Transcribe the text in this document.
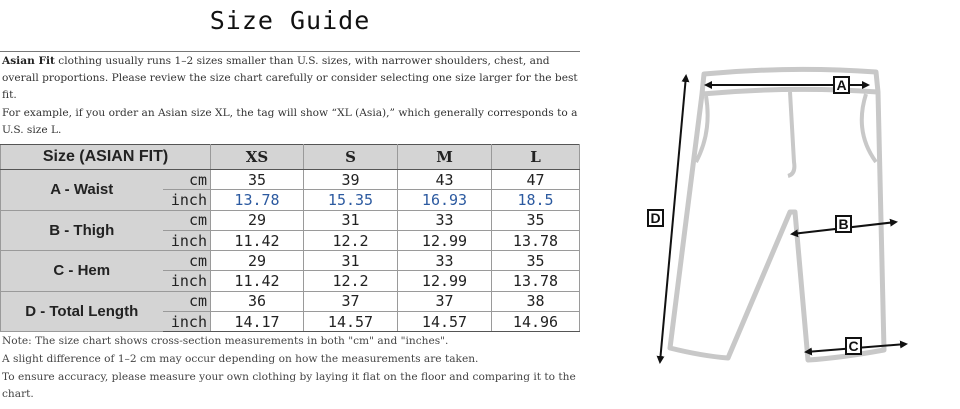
Size Guide

Asian Fit clothing usually runs 1–2 sizes smaller than U.S. sizes, with narrower shoulders, chest, and overall proportions. Please review the size chart carefully or consider selecting one size larger for the best fit.

For example, if you order an Asian size XL, the tag will show “XL (Asia),” which generally corresponds to a U.S. size L.

Size (ASIAN FIT)		XS	S	M	L
A - Waist	cm	35	39	43	47
	inch	13.78	15.35	16.93	18.5
B - Thigh	cm	29	31	33	35
	inch	11.42	12.2	12.99	13.78
C - Hem	cm	29	31	33	35
	inch	11.42	12.2	12.99	13.78
D - Total Length	cm	36	37	37	38
	inch	14.17	14.57	14.57	14.96

Note: The size chart shows cross-section measurements in both "cm" and "inches".

A slight difference of 1–2 cm may occur depending on how the measurements are taken.

To ensure accuracy, please measure your own clothing by laying it flat on the floor and comparing it to the chart.

A
B
C
D
